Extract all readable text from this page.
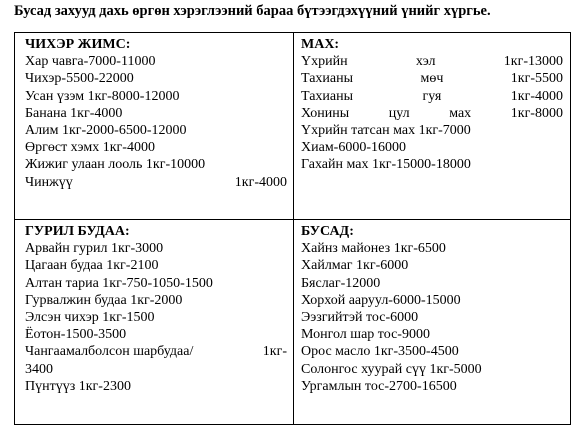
Бусад захууд дахь өргөн хэрэглээний бараа бүтээгдэхүүний үнийг хүргье.
ЧИХЭР ЖИМС:
Хар чавга-7000-11000
Чихэр-5500-22000
Усан үзэм 1кг-8000-12000
Банана 1кг-4000
Алим 1кг-2000-6500-12000
Өргөст хэмх 1кг-4000
Жижиг улаан лооль 1кг-10000
Чинжүү	1кг-4000
МАХ:
Үхрийн	хэл	1кг-13000
Тахианы	мөч	1кг-5500
Тахианы	гуя	1кг-4000
Хонины	цул	мах	1кг-8000
Үхрийн татсан мах 1кг-7000
Хиам-6000-16000
Гахайн мах 1кг-15000-18000
ГУРИЛ БУДАА:
Арвайн гурил 1кг-3000
Цагаан будаа 1кг-2100
Алтан тариа 1кг-750-1050-1500
Гурвалжин будаа 1кг-2000
Элсэн чихэр 1кг-1500
Ёотон-1500-3500
Чангаамалболсон шарбудаа/	1кг-
3400
Пүнтүүз 1кг-2300
БУСАД:
Хайнз майонез 1кг-6500
Хайлмаг 1кг-6000
Бяслаг-12000
Хорхой ааруул-6000-15000
Ээзгийтэй тос-6000
Монгол шар тос-9000
Орос масло 1кг-3500-4500
Солонгос хуурай сүү 1кг-5000
Ургамлын тос-2700-16500
